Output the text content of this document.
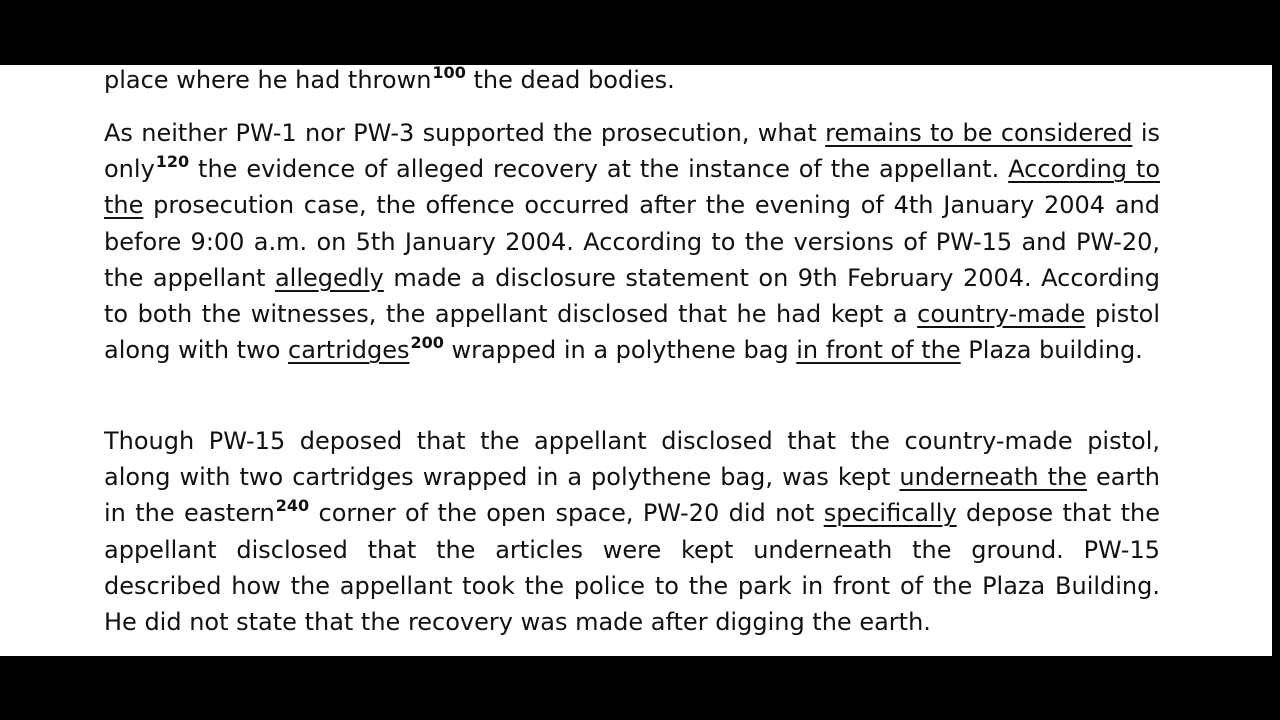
place where he had thrown$^{100}$ the dead bodies.

As neither PW-1 nor PW-3 supported the prosecution, what remains to be considered is only$^{120}$ the evidence of alleged recovery at the instance of the appellant. According to the prosecution case, the offence occurred after the evening of 4th January 2004 and before 9:00 a.m. on 5th January 2004. According to the versions of PW-15 and PW-20, the appellant allegedly made a disclosure statement on 9th February 2004. According to both the witnesses, the appellant disclosed that he had kept a country-made pistol along with two cartridges$^{200}$ wrapped in a polythene bag in front of the Plaza building.

Though PW-15 deposed that the appellant disclosed that the country-made pistol, along with two cartridges wrapped in a polythene bag, was kept underneath the earth in the eastern$^{240}$ corner of the open space, PW-20 did not specifically depose that the appellant disclosed that the articles were kept underneath the ground. PW-15 described how the appellant took the police to the park in front of the Plaza Building. He did not state that the recovery was made after digging the earth.
